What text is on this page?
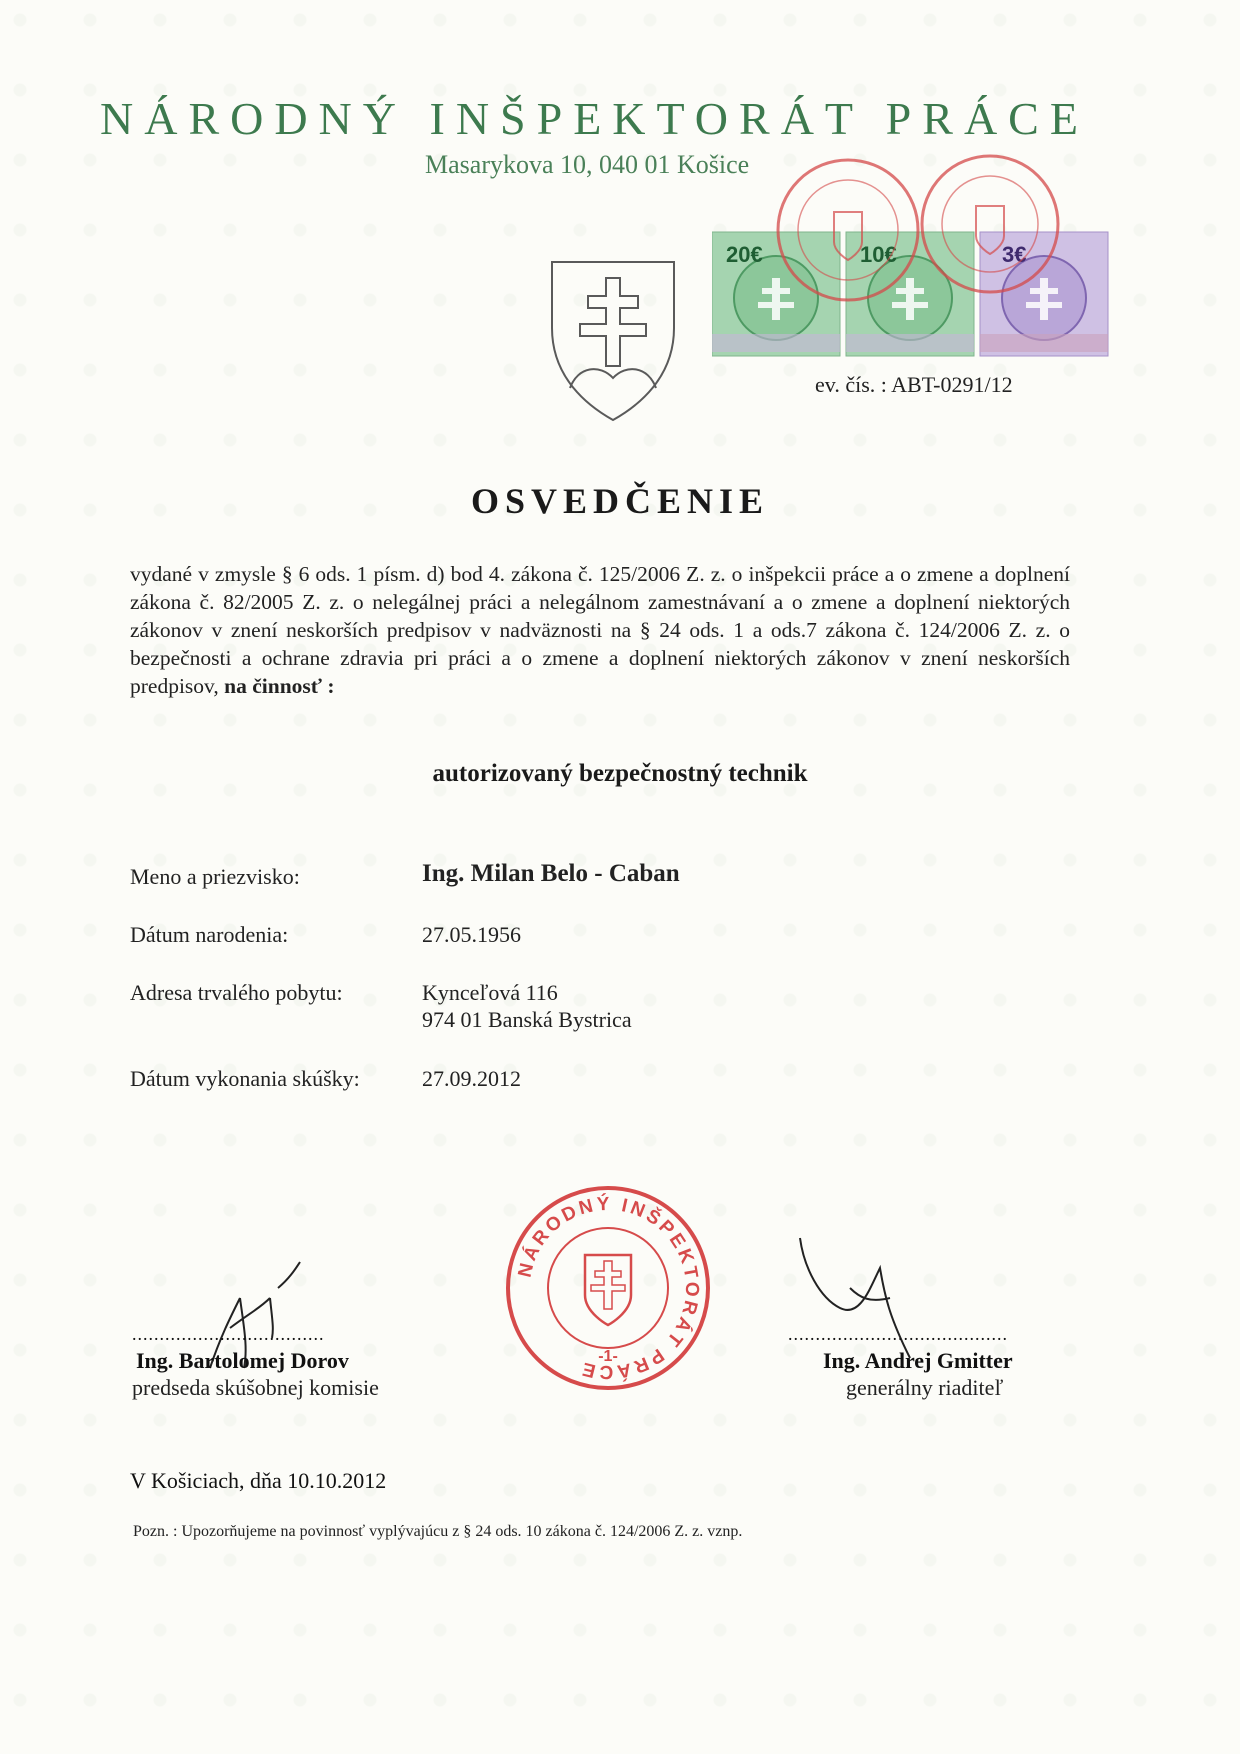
NÁRODNÝ INŠPEKTORÁT PRÁCE
Masarykova 10, 040 01 Košice
20€	10€	3€
ev. čís. : ABT-0291/12
OSVEDČENIE
vydané v zmysle § 6 ods. 1 písm. d) bod 4. zákona č. 125/2006 Z. z. o inšpekcii práce a o zmene a doplnení zákona č. 82/2005 Z. z. o nelegálnej práci a nelegálnom zamestnávaní a o zmene a doplnení niektorých zákonov v znení neskorších predpisov v nadväznosti na § 24 ods. 1 a ods.7 zákona č. 124/2006 Z. z. o bezpečnosti a ochrane zdravia pri práci a o zmene a doplnení niektorých zákonov v znení neskorších predpisov, na činnosť :
autorizovaný bezpečnostný technik
Meno a priezvisko:	Ing. Milan Belo - Caban
Dátum narodenia:	27.05.1956
Adresa trvalého pobytu:	Kynceľová 116
974 01 Banská Bystrica
Dátum vykonania skúšky:	27.09.2012
NÁRODNÝ INŠPEKTORÁT PRÁCE
-1-
...................................
Ing. Bartolomej Dorov
predseda skúšobnej komisie
........................................
Ing. Andrej Gmitter
generálny riaditeľ
V Košiciach, dňa 10.10.2012
Pozn. : Upozorňujeme na povinnosť vyplývajúcu z § 24 ods. 10 zákona č. 124/2006 Z. z. vznp.
